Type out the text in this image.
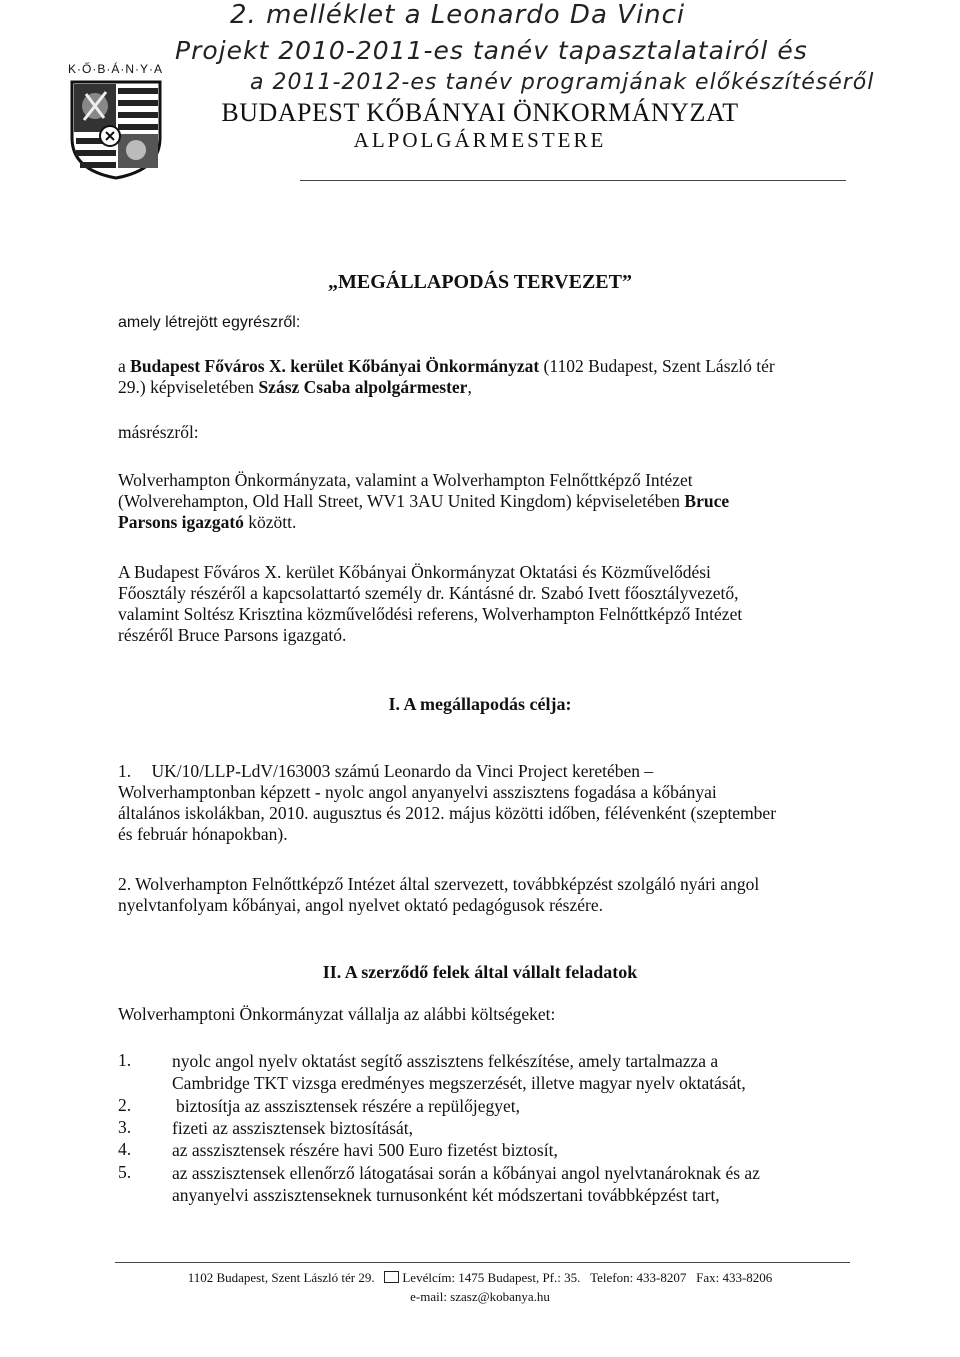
2. melléklet a Leonardo Da Vinci
Projekt 2010-2011-es tanév tapasztalatairól és
a 2011-2012-es tanév programjának előkészítéséről
K·Ő·B·Á·N·Y·A
BUDAPEST KŐBÁNYAI ÖNKORMÁNYZAT
ALPOLGÁRMESTERE
„MEGÁLLAPODÁS TERVEZET”
amely létrejött egyrészről:
a Budapest Főváros X. kerület Kőbányai Önkormányzat (1102 Budapest, Szent László tér
29.) képviseletében Szász Csaba alpolgármester,
másrészről:
Wolverhampton Önkormányzata, valamint a Wolverhampton Felnőttképző Intézet
(Wolverehampton, Old Hall Street, WV1 3AU United Kingdom) képviseletében Bruce
Parsons igazgató között.
A Budapest Főváros X. kerület Kőbányai Önkormányzat Oktatási és Közművelődési
Főosztály részéről a kapcsolattartó személy dr. Kántásné dr. Szabó Ivett főosztályvezető,
valamint Soltész Krisztina közművelődési referens, Wolverhampton Felnőttképző Intézet
részéről Bruce Parsons igazgató.
I. A megállapodás célja:
1. UK/10/LLP-LdV/163003 számú Leonardo da Vinci Project keretében –
Wolverhamptonban képzett - nyolc angol anyanyelvi asszisztens fogadása a kőbányai
általános iskolákban, 2010. augusztus és 2012. május közötti időben, félévenként (szeptember
és február hónapokban).
2. Wolverhampton Felnőttképző Intézet által szervezett, továbbképzést szolgáló nyári angol
nyelvtanfolyam kőbányai, angol nyelvet oktató pedagógusok részére.
II. A szerződő felek által vállalt feladatok
Wolverhamptoni Önkormányzat vállalja az alábbi költségeket:
1.	nyolc angol nyelv oktatást segítő asszisztens felkészítése, amely tartalmazza a
Cambridge TKT vizsga eredményes megszerzését, illetve magyar nyelv oktatását,
2.	biztosítja az asszisztensek részére a repülőjegyet,
3.	fizeti az asszisztensek biztosítását,
4.	az asszisztensek részére havi 500 Euro fizetést biztosít,
5.	az asszisztensek ellenőrző látogatásai során a kőbányai angol nyelvtanároknak és az
anyanyelvi asszisztenseknek turnusonként két módszertani továbbképzést tart,
1102 Budapest, Szent László tér 29. Levélcím: 1475 Budapest, Pf.: 35. Telefon: 433-8207 Fax: 433-8206
e-mail: szasz@kobanya.hu
